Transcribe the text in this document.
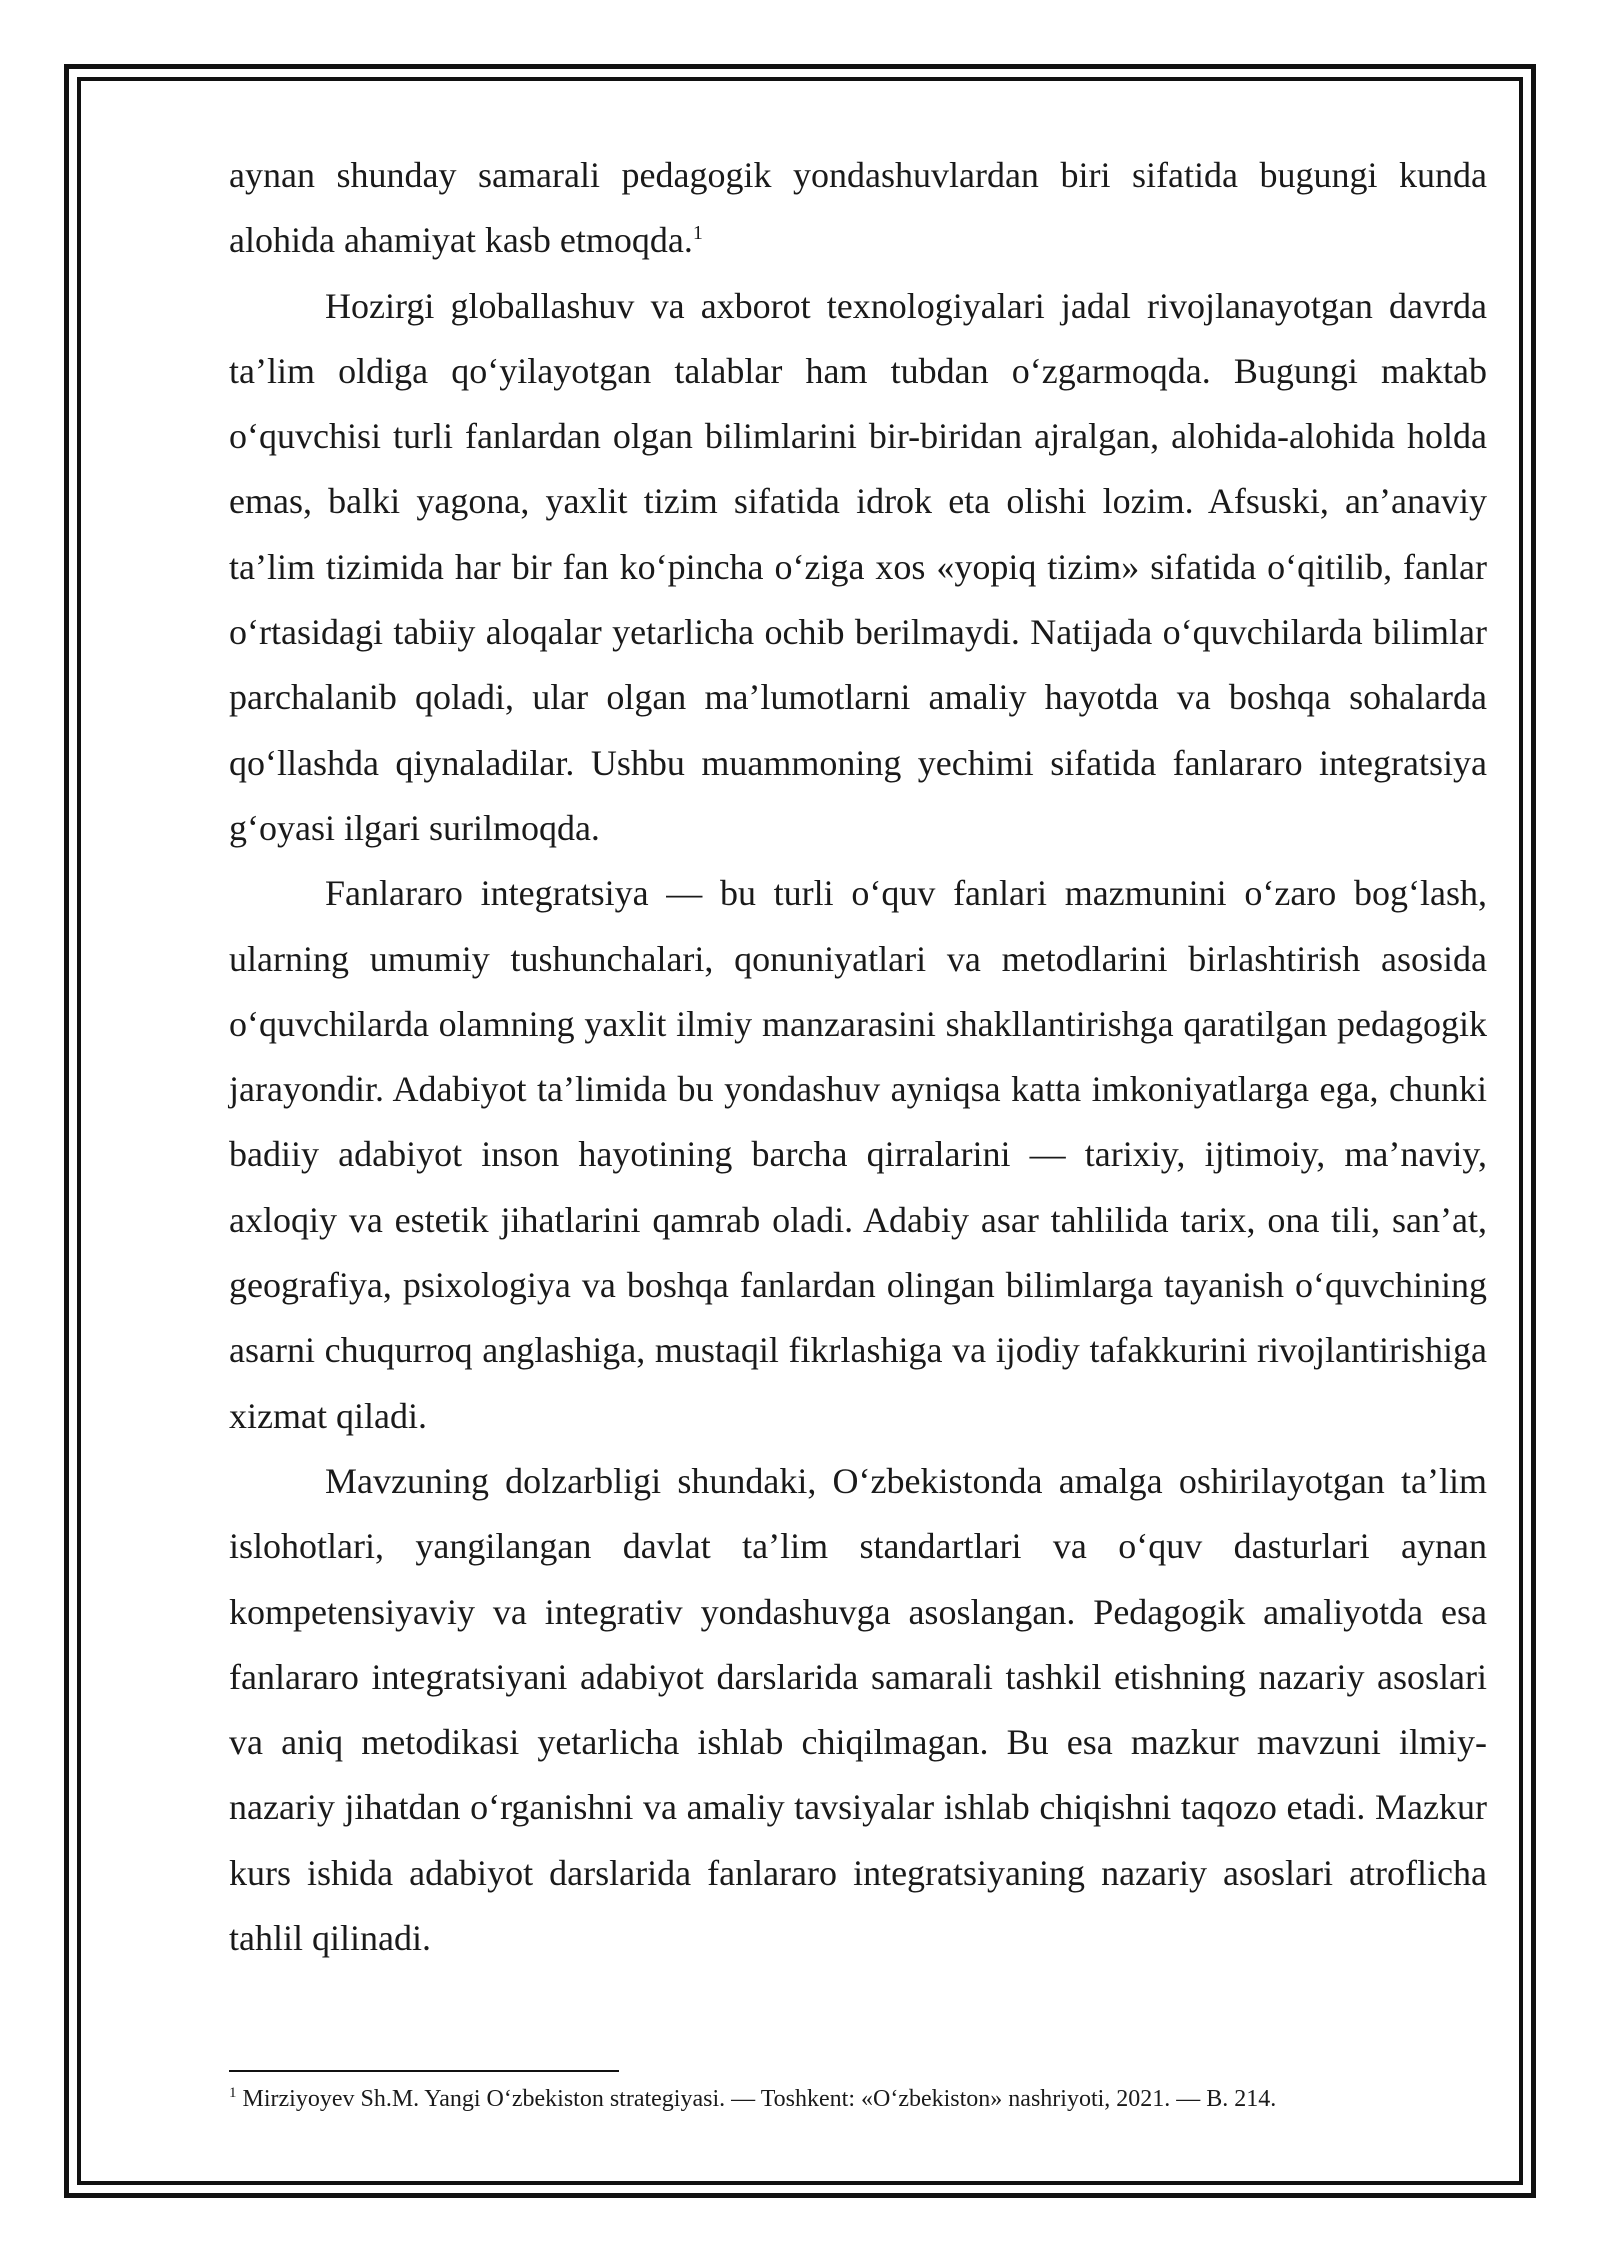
aynan shunday samarali pedagogik yondashuvlardan biri sifatida bugungi kunda alohida ahamiyat kasb etmoqda.$^1$

Hozirgi globallashuv va axborot texnologiyalari jadal rivojlanayotgan davrda ta’lim oldiga qo‘yilayotgan talablar ham tubdan o‘zgarmoqda. Bugungi maktab o‘quvchisi turli fanlardan olgan bilimlarini bir-biridan ajralgan, alohida-alohida holda emas, balki yagona, yaxlit tizim sifatida idrok eta olishi lozim. Afsuski, an’anaviy ta’lim tizimida har bir fan ko‘pincha o‘ziga xos «yopiq tizim» sifatida o‘qitilib, fanlar o‘rtasidagi tabiiy aloqalar yetarlicha ochib berilmaydi. Natijada o‘quvchilarda bilimlar parchalanib qoladi, ular olgan ma’lumotlarni amaliy hayotda va boshqa sohalarda qo‘llashda qiynaladilar. Ushbu muammoning yechimi sifatida fanlararo integratsiya g‘oyasi ilgari surilmoqda.

Fanlararo integratsiya — bu turli o‘quv fanlari mazmunini o‘zaro bog‘lash, ularning umumiy tushunchalari, qonuniyatlari va metodlarini birlashtirish asosida o‘quvchilarda olamning yaxlit ilmiy manzarasini shakllantirishga qaratilgan pedagogik jarayondir. Adabiyot ta’limida bu yondashuv ayniqsa katta imkoniyatlarga ega, chunki badiiy adabiyot inson hayotining barcha qirralarini — tarixiy, ijtimoiy, ma’naviy, axloqiy va estetik jihatlarini qamrab oladi. Adabiy asar tahlilida tarix, ona tili, san’at, geografiya, psixologiya va boshqa fanlardan olingan bilimlarga tayanish o‘quvchining asarni chuqurroq anglashiga, mustaqil fikrlashiga va ijodiy tafakkurini rivojlantirishiga xizmat qiladi.

Mavzuning dolzarbligi shundaki, O‘zbekistonda amalga oshirilayotgan ta’lim islohotlari, yangilangan davlat ta’lim standartlari va o‘quv dasturlari aynan kompetensiyaviy va integrativ yondashuvga asoslangan. Pedagogik amaliyotda esa fanlararo integratsiyani adabiyot darslarida samarali tashkil etishning nazariy asoslari va aniq metodikasi yetarlicha ishlab chiqilmagan. Bu esa mazkur mavzuni ilmiy-nazariy jihatdan o‘rganishni va amaliy tavsiyalar ishlab chiqishni taqozo etadi. Mazkur kurs ishida adabiyot darslarida fanlararo integratsiyaning nazariy asoslari atroflicha tahlil qilinadi.

$^1$ Mirziyoyev Sh.M. Yangi O‘zbekiston strategiyasi. — Toshkent: «O‘zbekiston» nashriyoti, 2021. — B. 214.
